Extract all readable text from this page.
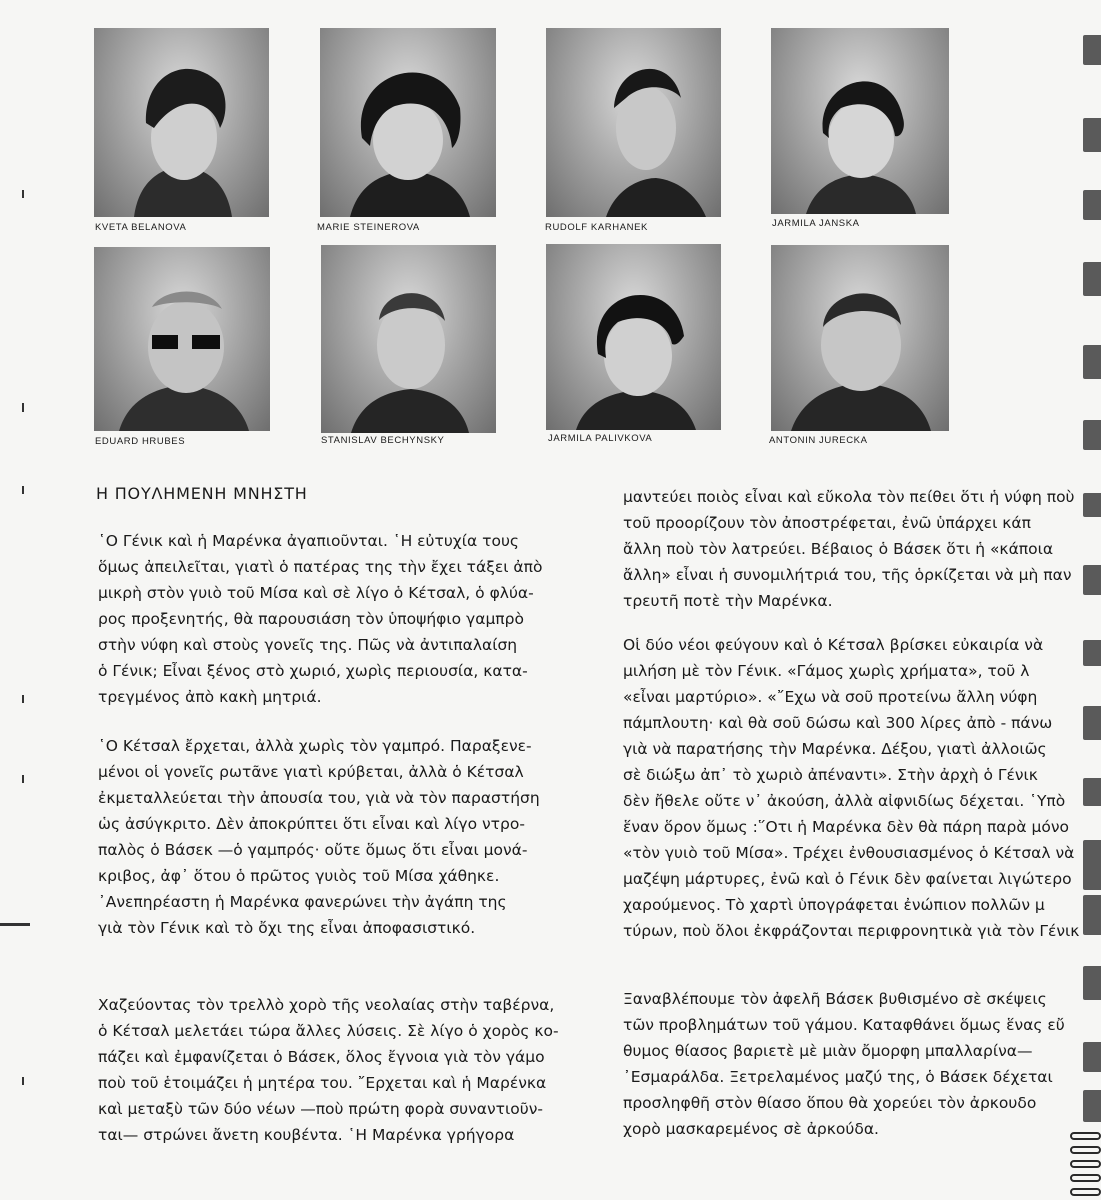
KVETA BELANOVA	MARIE STEINEROVA	RUDOLF KARHANEK	JARMILA JANSKA
EDUARD HRUBES	STANISLAV BECHYNSKY	JARMILA PALIVKOVA	ANTONIN JURECKA
Η ΠΟΥΛΗΜΕΝΗ ΜΝΗΣΤΗ
῾Ο Γένικ καὶ ἡ Μαρένκα ἀγαπιοῦνται. ῾Η εὐτυχία τους
ὅμως ἀπειλεῖται, γιατὶ ὁ πατέρας της τὴν ἔχει τάξει ἀπὸ
μικρὴ στὸν γυιὸ τοῦ Μίσα καὶ σὲ λίγο ὁ Κέτσαλ, ὁ φλύα-
ρος προξενητής, θὰ παρουσιάση τὸν ὑποψήφιο γαμπρὸ
στὴν νύφη καὶ στοὺς γονεῖς της. Πῶς νὰ ἀντιπαλαίση
ὁ Γένικ; Εἶναι ξένος στὸ χωριό, χωρὶς περιουσία, κατα-
τρεγμένος ἀπὸ κακὴ μητριά.
῾Ο Κέτσαλ ἔρχεται, ἀλλὰ χωρὶς τὸν γαμπρό. Παραξενε-
μένοι οἱ γονεῖς ρωτᾶνε γιατὶ κρύβεται, ἀλλὰ ὁ Κέτσαλ
ἐκμεταλλεύεται τὴν ἀπουσία του, γιὰ νὰ τὸν παραστήση
ὡς ἀσύγκριτο. Δὲν ἀποκρύπτει ὅτι εἶναι καὶ λίγο ντρο-
παλὸς ὁ Βάσεκ —ὁ γαμπρός· οὔτε ὅμως ὅτι εἶναι μονά-
κριβος, ἀφ᾿ ὅτου ὁ πρῶτος γυιὸς τοῦ Μίσα χάθηκε.
᾿Ανεπηρέαστη ἡ Μαρένκα φανερώνει τὴν ἀγάπη της
γιὰ τὸν Γένικ καὶ τὸ ὄχι της εἶναι ἀποφασιστικό.
Χαζεύοντας τὸν τρελλὸ χορὸ τῆς νεολαίας στὴν ταβέρνα,
ὁ Κέτσαλ μελετάει τώρα ἄλλες λύσεις. Σὲ λίγο ὁ χορὸς κο-
πάζει καὶ ἐμφανίζεται ὁ Βάσεκ, ὅλος ἔγνοια γιὰ τὸν γάμο
ποὺ τοῦ ἑτοιμάζει ἡ μητέρα του. ῎Ερχεται καὶ ἡ Μαρένκα
καὶ μεταξὺ τῶν δύο νέων —ποὺ πρώτη φορὰ συναντιοῦν-
ται— στρώνει ἄνετη κουβέντα. ῾Η Μαρένκα γρήγορα
μαντεύει ποιὸς εἶναι καὶ εὔκολα τὸν πείθει ὅτι ἡ νύφη ποὺ
τοῦ προορίζουν τὸν ἀποστρέφεται, ἐνῶ ὑπάρχει κάπ
ἄλλη ποὺ τὸν λατρεύει. Βέβαιος ὁ Βάσεκ ὅτι ἡ «κάποια
ἄλλη» εἶναι ἡ συνομιλήτριά του, τῆς ὁρκίζεται νὰ μὴ παν
τρευτῆ ποτὲ τὴν Μαρένκα.
Οἱ δύο νέοι φεύγουν καὶ ὁ Κέτσαλ βρίσκει εὐκαιρία νὰ
μιλήση μὲ τὸν Γένικ. «Γάμος χωρὶς χρήματα», τοῦ λ
«εἶναι μαρτύριο». «῎Εχω νὰ σοῦ προτείνω ἄλλη νύφη
πάμπλουτη· καὶ θὰ σοῦ δώσω καὶ 300 λίρες ἀπὸ - πάνω
γιὰ νὰ παρατήσης τὴν Μαρένκα. Δέξου, γιατὶ ἀλλοιῶς
σὲ διώξω ἀπ᾿ τὸ χωριὸ ἀπέναντι». Στὴν ἀρχὴ ὁ Γένικ
δὲν ἤθελε οὔτε ν᾿ ἀκούση, ἀλλὰ αἰφνιδίως δέχεται. ῾Υπὸ
ἕναν ὅρον ὅμως :῞Οτι ἡ Μαρένκα δὲν θὰ πάρη παρὰ μόνο
«τὸν γυιὸ τοῦ Μίσα». Τρέχει ἐνθουσιασμένος ὁ Κέτσαλ νὰ
μαζέψη μάρτυρες, ἐνῶ καὶ ὁ Γένικ δὲν φαίνεται λιγώτερο
χαρούμενος. Τὸ χαρτὶ ὑπογράφεται ἐνώπιον πολλῶν μ
τύρων, ποὺ ὅλοι ἐκφράζονται περιφρονητικὰ γιὰ τὸν Γένικ
Ξαναβλέπουμε τὸν ἀφελῆ Βάσεκ βυθισμένο σὲ σκέψεις
τῶν προβλημάτων τοῦ γάμου. Καταφθάνει ὅμως ἕνας εὔ
θυμος θίασος βαριετὲ μὲ μιὰν ὄμορφη μπαλλαρίνα—
᾿Εσμαράλδα. Ξετρελαμένος μαζύ της, ὁ Βάσεκ δέχεται
προσληφθῆ στὸν θίασο ὅπου θὰ χορεύει τὸν ἀρκουδο
χορὸ μασκαρεμένος σὲ ἀρκούδα.
